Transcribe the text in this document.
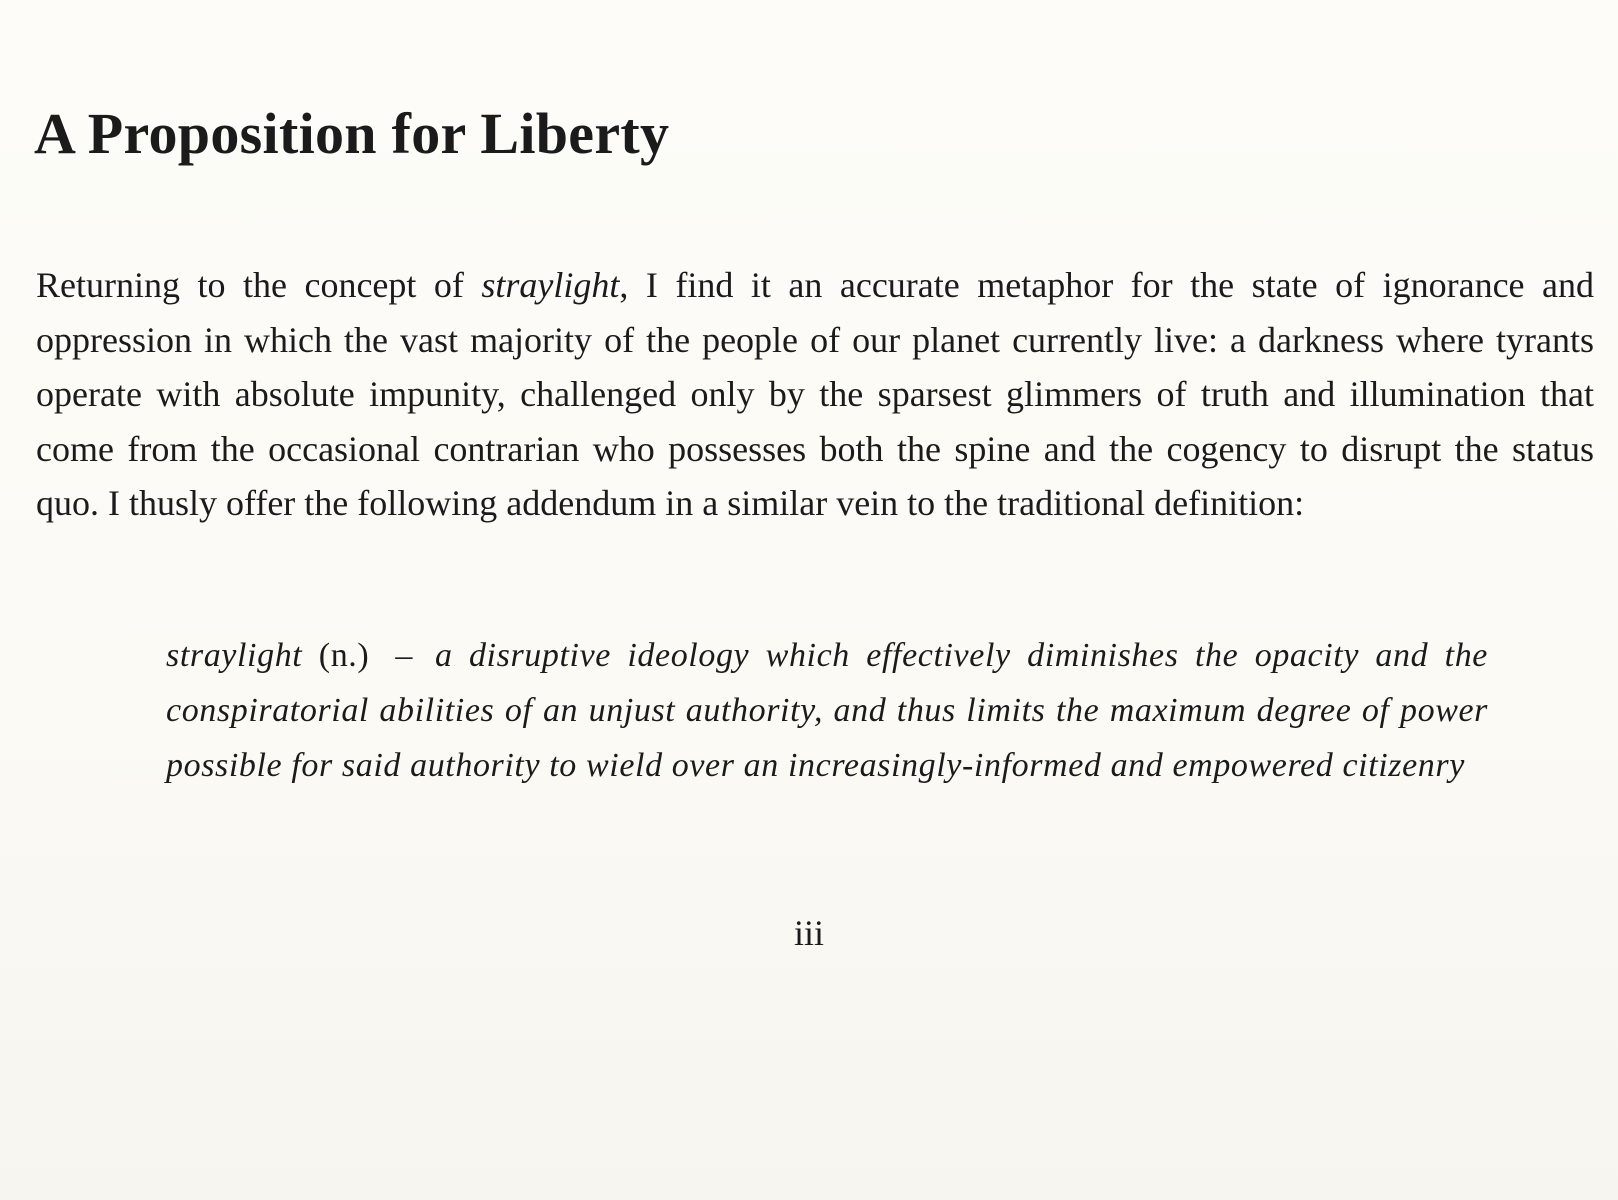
A Proposition for Liberty

Returning to the concept of straylight, I find it an accurate metaphor for the state of ignorance and oppression in which the vast majority of the people of our planet currently live: a darkness where tyrants operate with absolute impunity, challenged only by the sparsest glimmers of truth and illumination that come from the occasional contrarian who possesses both the spine and the cogency to disrupt the status quo. I thusly offer the following addendum in a similar vein to the traditional definition:

straylight (n.) – a disruptive ideology which effectively diminishes the opacity and the conspiratorial abilities of an unjust authority, and thus limits the maximum degree of power possible for said authority to wield over an increasingly-informed and empowered citizenry

iii
